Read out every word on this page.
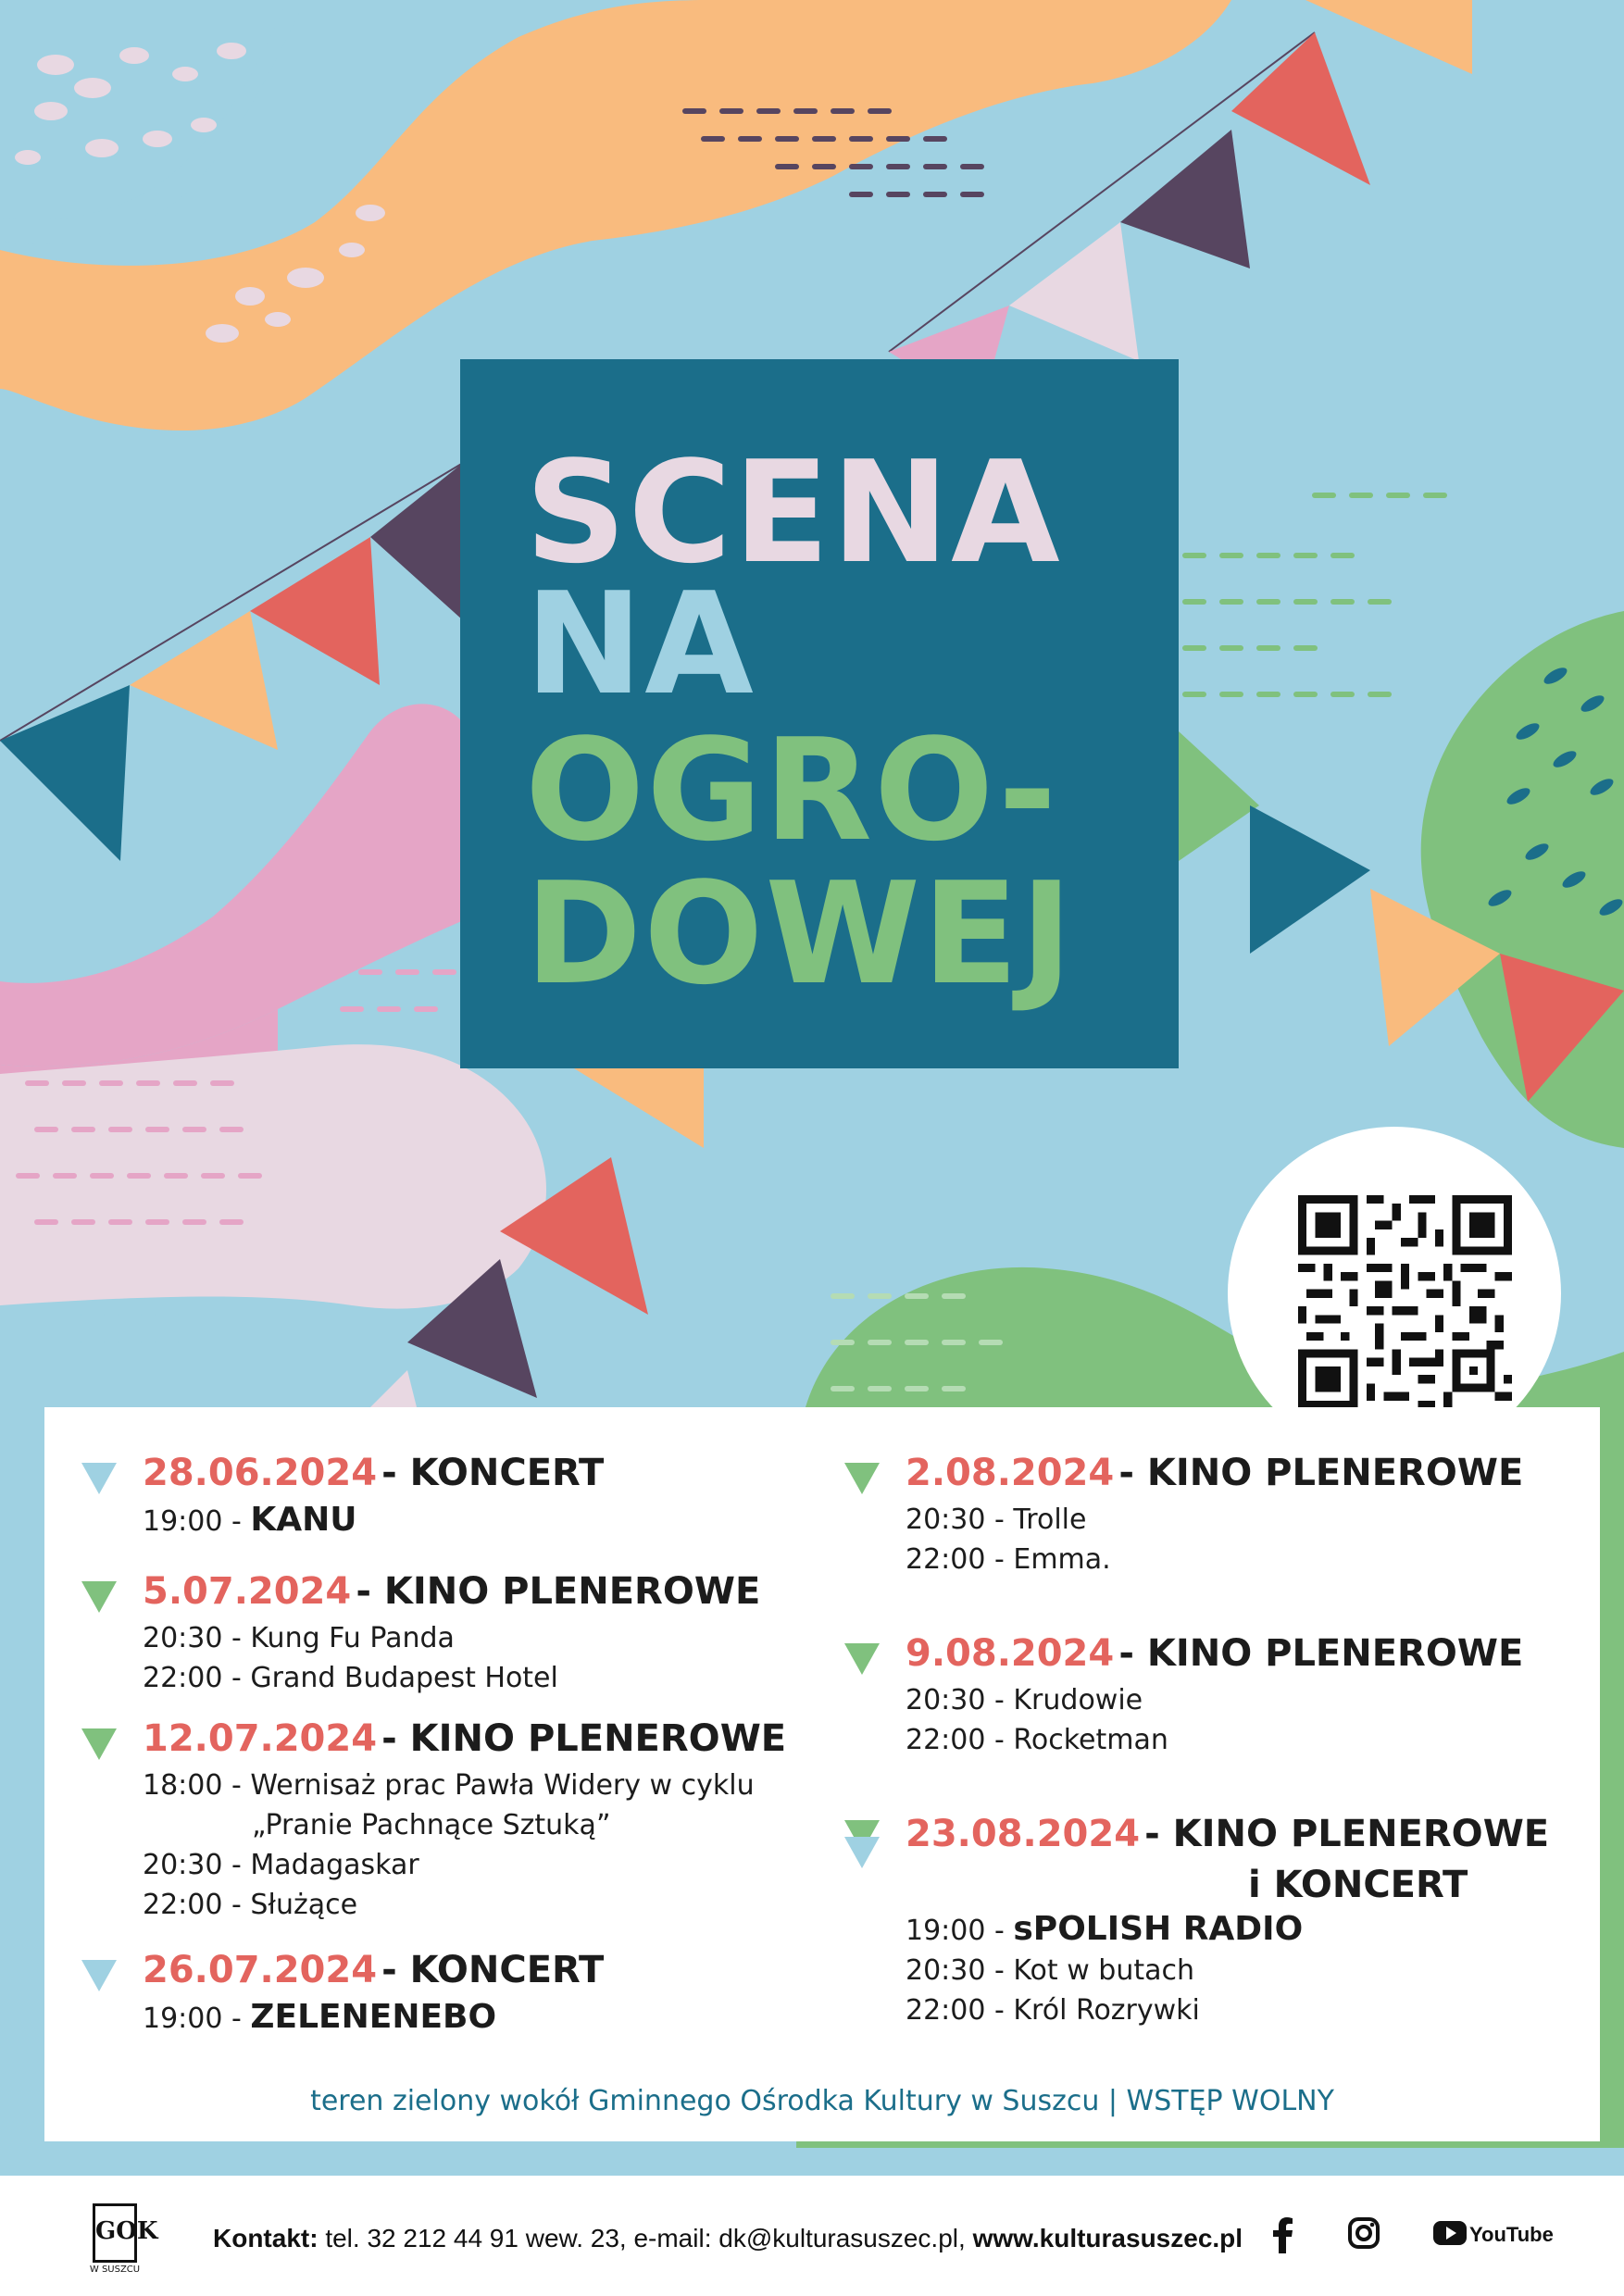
SCENA
NA
OGRO-
DOWEJ
28.06.2024 - KONCERT
19:00 - KANU
5.07.2024 - KINO PLENEROWE
20:30 - Kung Fu Panda
22:00 - Grand Budapest Hotel
12.07.2024 - KINO PLENEROWE
18:00 - Wernisaż prac Pawła Widery w cyklu
„Pranie Pachnące Sztuką”
20:30 - Madagaskar
22:00 - Służące
26.07.2024 - KONCERT
19:00 - ZELENENEBO
2.08.2024 - KINO PLENEROWE
20:30 - Trolle
22:00 - Emma.
9.08.2024 - KINO PLENEROWE
20:30 - Krudowie
22:00 - Rocketman
23.08.2024 - KINO PLENEROWE
i KONCERT
19:00 - sPOLISH RADIO
20:30 - Kot w butach
22:00 - Król Rozrywki
teren zielony wokół Gminnego Ośrodka Kultury w Suszcu | WSTĘP WOLNY
GOK
W SUSZCU
Kontakt: tel. 32 212 44 91 wew. 23, e-mail: dk@kulturasuszec.pl, www.kulturasuszec.pl	YouTube
